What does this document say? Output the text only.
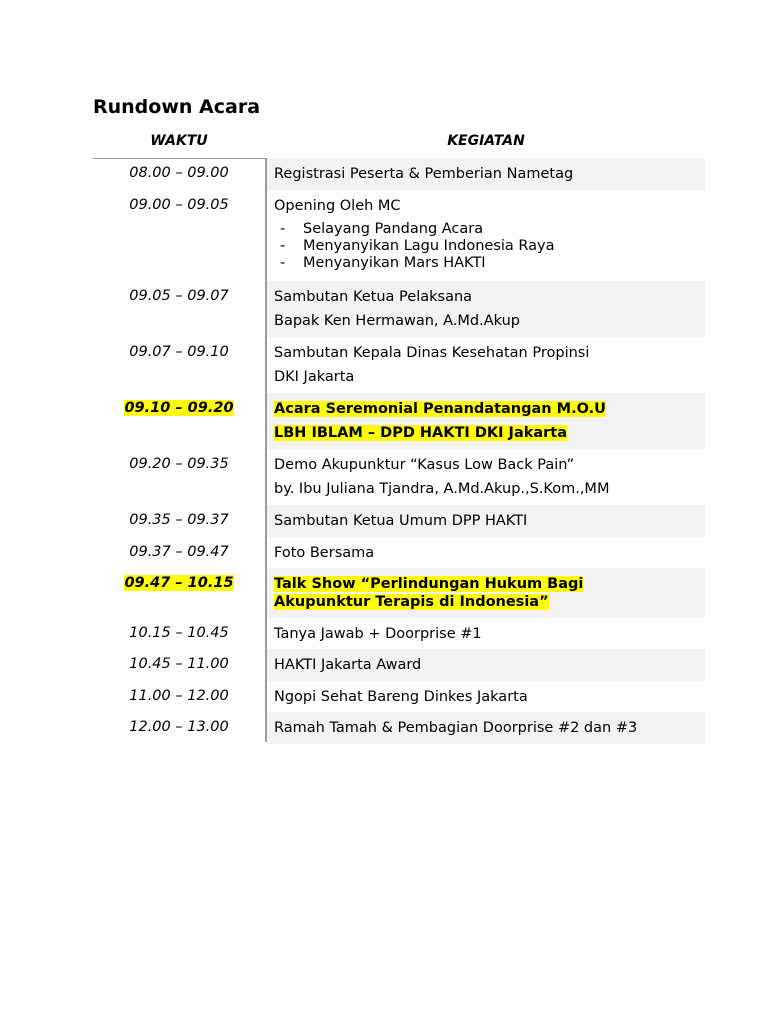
Rundown Acara
WAKTU	KEGIATAN
08.00 – 09.00	Registrasi Peserta & Pemberian Nametag
09.00 – 09.05	Opening Oleh MC
- Selayang Pandang Acara
- Menyanyikan Lagu Indonesia Raya
- Menyanyikan Mars HAKTI
09.05 – 09.07	Sambutan Ketua Pelaksana
Bapak Ken Hermawan, A.Md.Akup
09.07 – 09.10	Sambutan Kepala Dinas Kesehatan Propinsi
DKI Jakarta
09.10 – 09.20	Acara Seremonial Penandatangan M.O.U
LBH IBLAM – DPD HAKTI DKI Jakarta
09.20 – 09.35	Demo Akupunktur “Kasus Low Back Pain”
by. Ibu Juliana Tjandra, A.Md.Akup.,S.Kom.,MM
09.35 – 09.37	Sambutan Ketua Umum DPP HAKTI
09.37 – 09.47	Foto Bersama
09.47 – 10.15	Talk Show “Perlindungan Hukum Bagi
Akupunktur Terapis di Indonesia”
10.15 – 10.45	Tanya Jawab + Doorprise #1
10.45 – 11.00	HAKTI Jakarta Award
11.00 – 12.00	Ngopi Sehat Bareng Dinkes Jakarta
12.00 – 13.00	Ramah Tamah & Pembagian Doorprise #2 dan #3
